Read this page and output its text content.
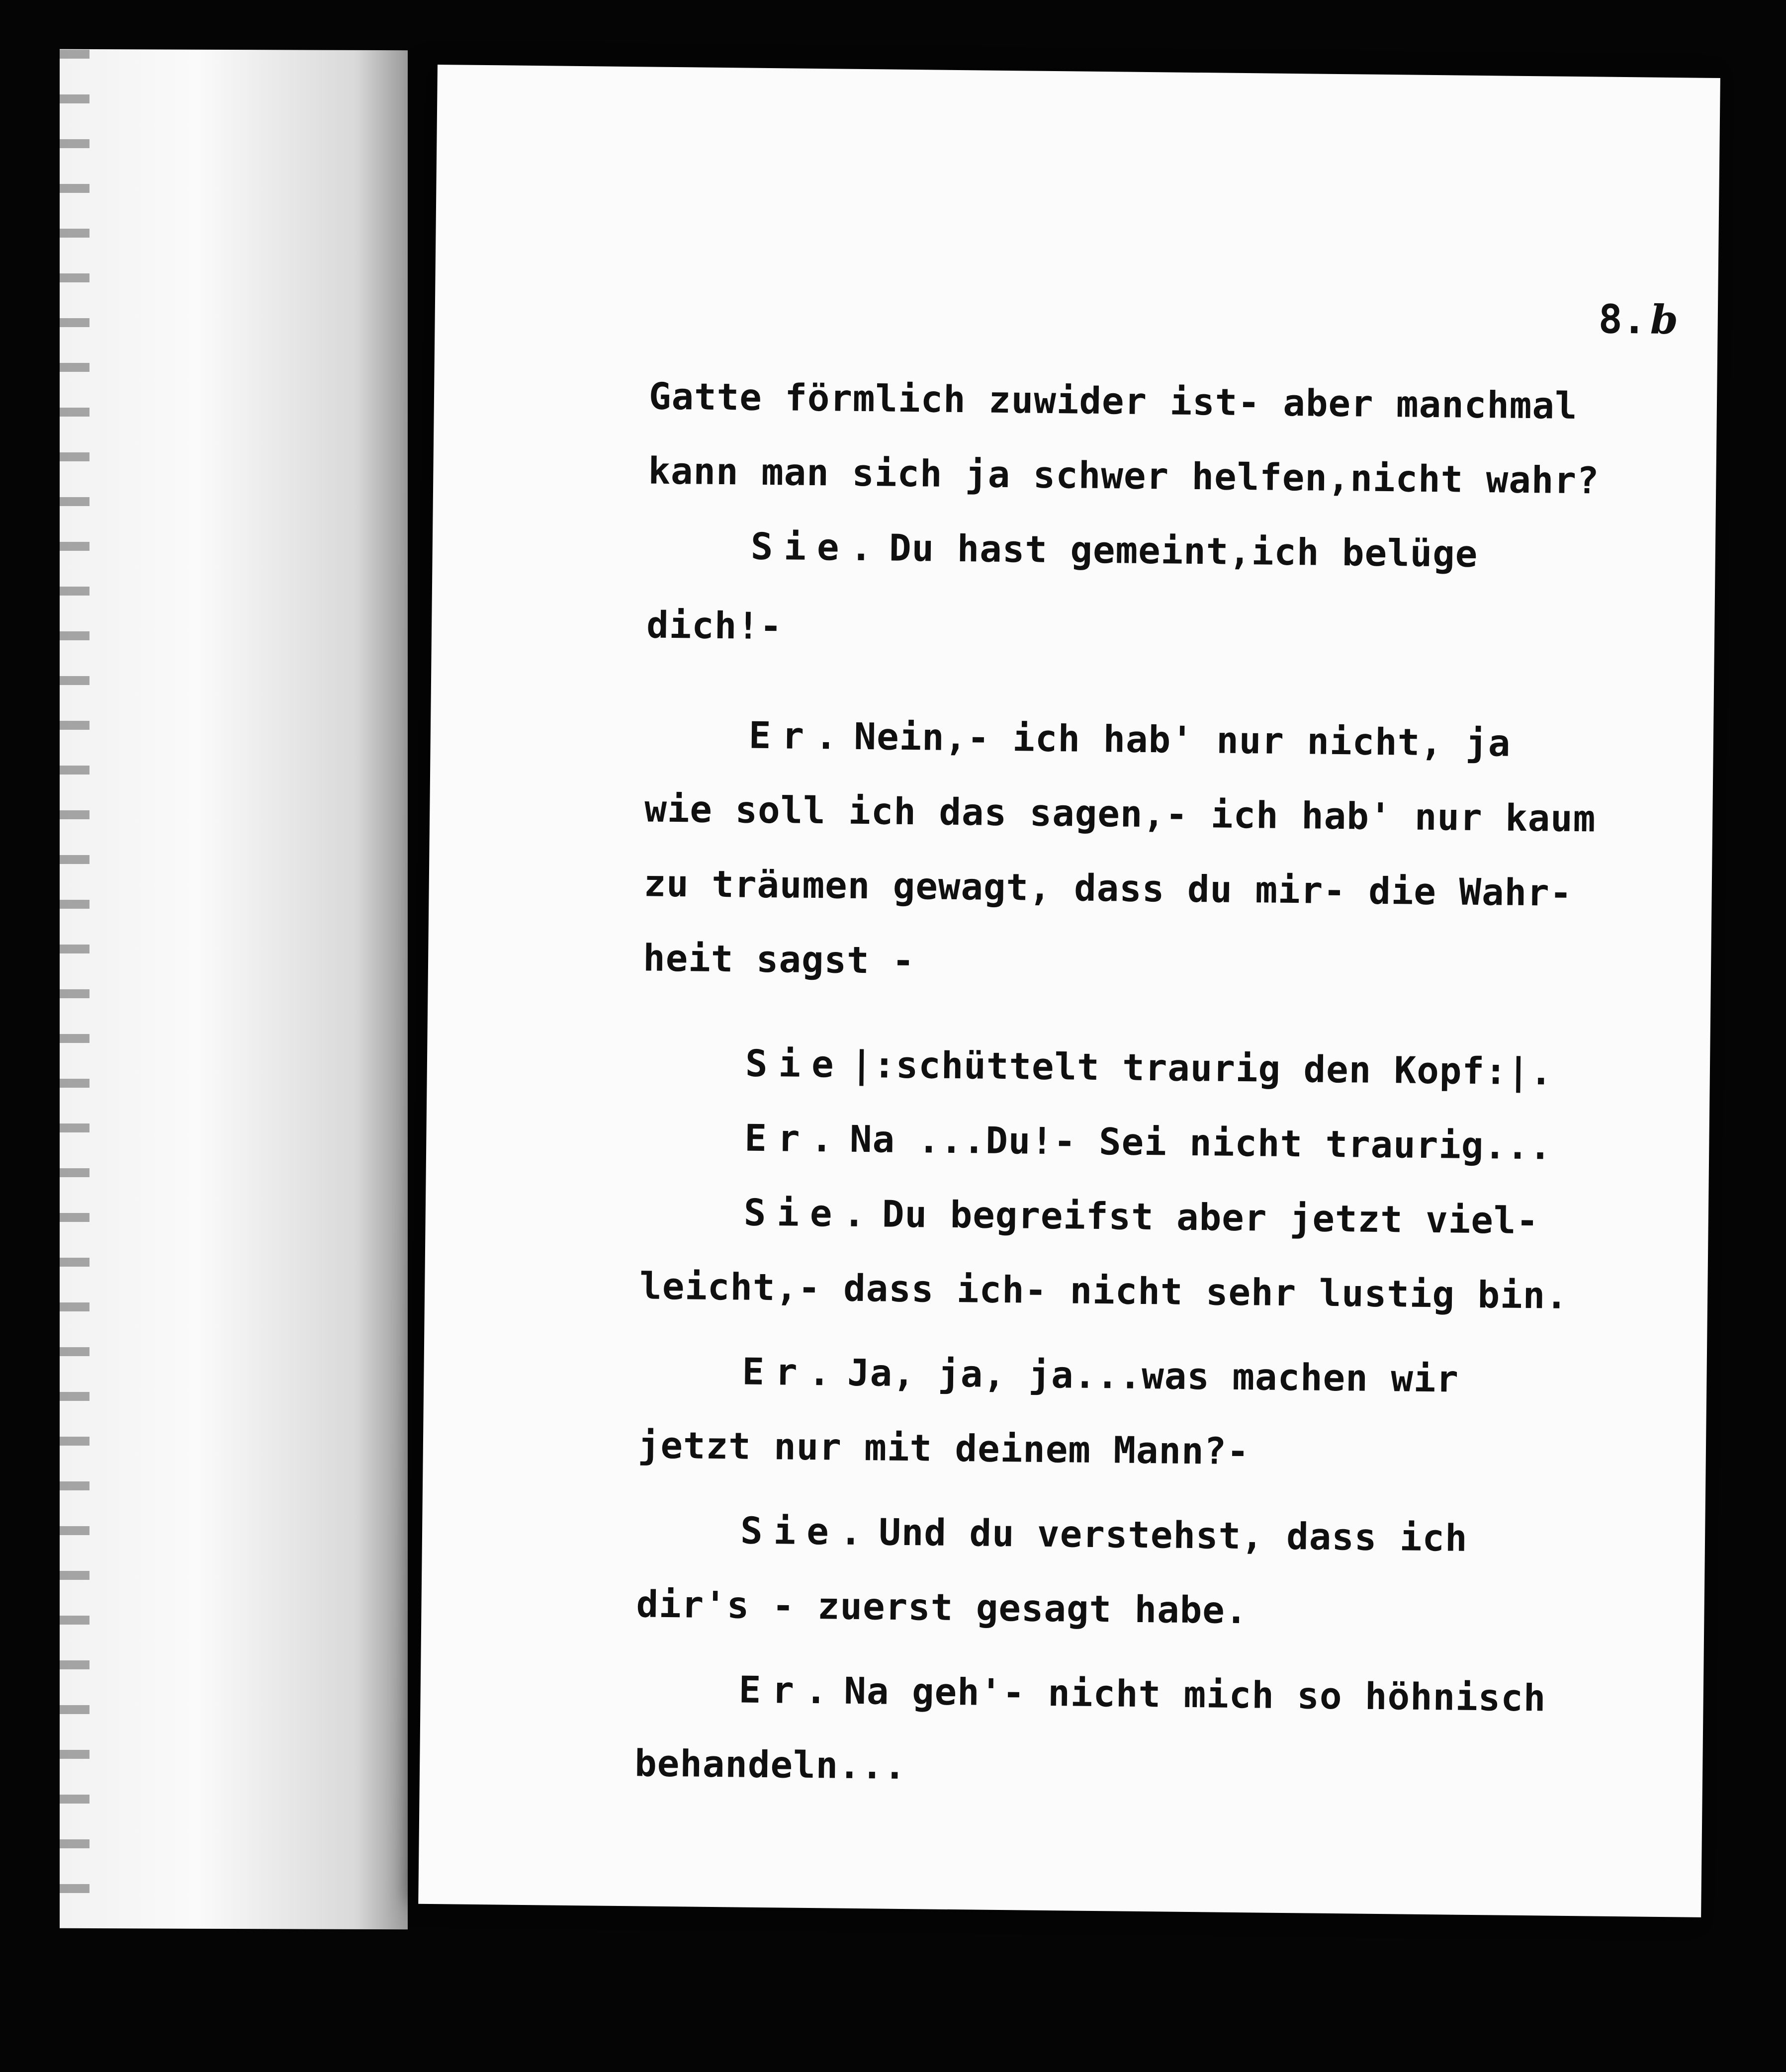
8.b
Gatte förmlich zuwider ist- aber manchmal
kann man sich ja schwer helfen,nicht wahr?
Sie. Du hast gemeint,ich belüge
dich!-
Er. Nein,- ich hab' nur nicht, ja
wie soll ich das sagen,- ich hab' nur kaum
zu träumen gewagt, dass du mir- die Wahr-
heit sagst -
Sie |:schüttelt traurig den Kopf:|.
Er. Na ...Du!- Sei nicht traurig...
Sie. Du begreifst aber jetzt viel-
leicht,- dass ich- nicht sehr lustig bin.
Er. Ja, ja, ja...was machen wir
jetzt nur mit deinem Mann?-
Sie. Und du verstehst, dass ich
dir's - zuerst gesagt habe.
Er. Na geh'- nicht mich so höhnisch
behandeln...
